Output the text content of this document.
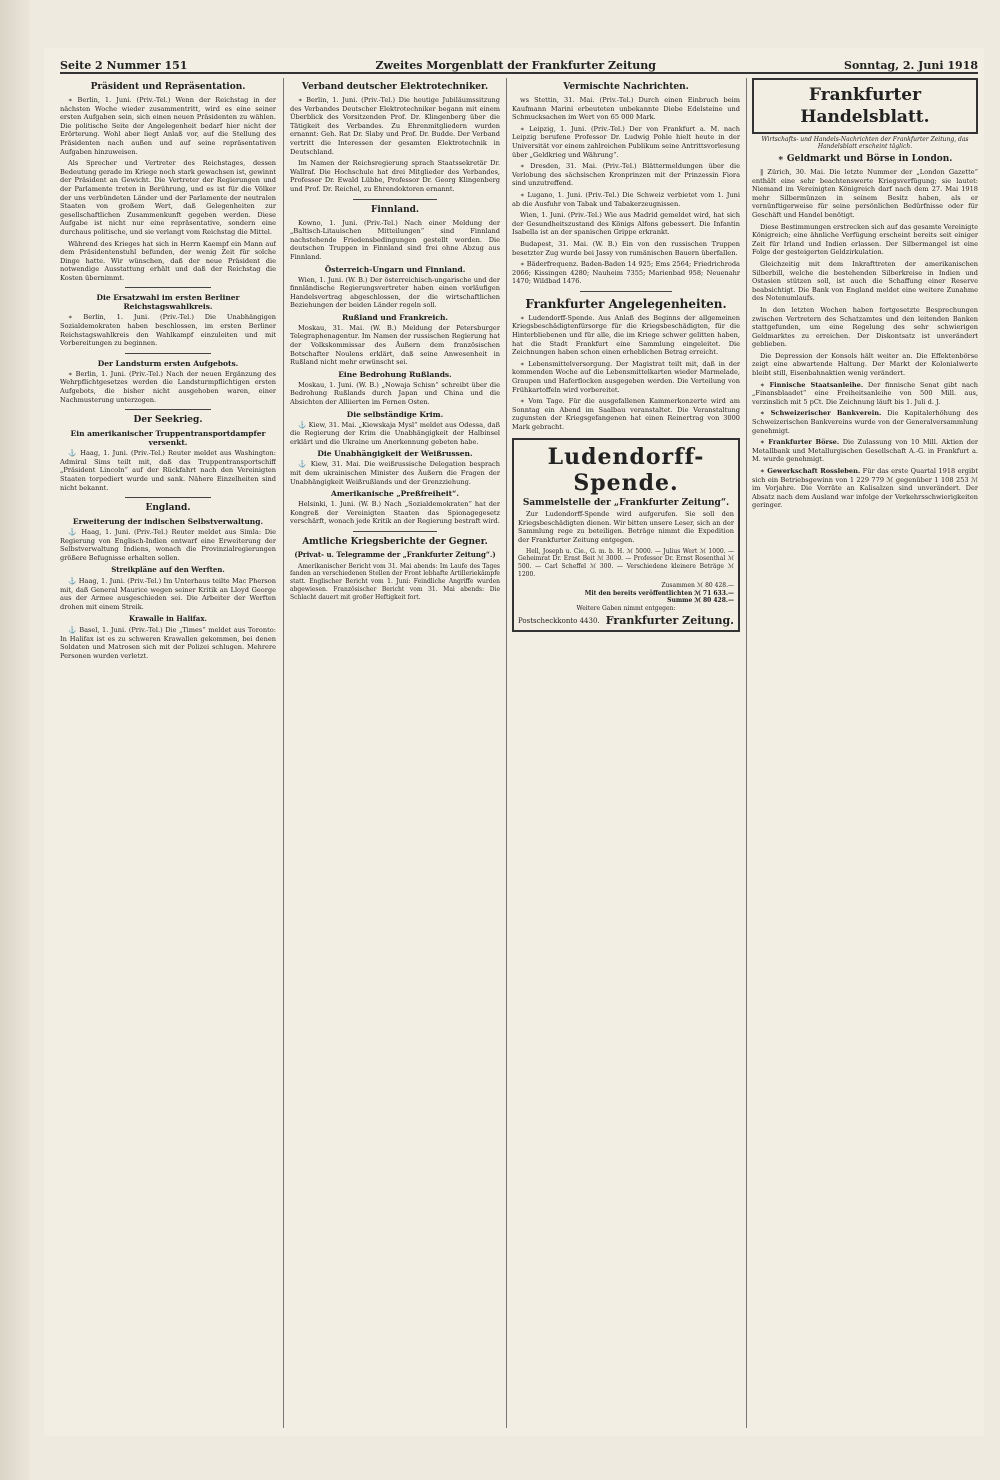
Seite 2 Nummer 151	Zweites Morgenblatt der Frankfurter Zeitung	Sonntag, 2. Juni 1918
Präsident und Repräsentation.

∗ Berlin, 1. Juni. (Priv.-Tel.) Wenn der Reichstag in der nächsten Woche wieder zusammentritt, wird es eine seiner ersten Aufgaben sein, sich einen neuen Präsidenten zu wählen. Die politische Seite der Angelegenheit bedarf hier nicht der Erörterung. Wohl aber liegt Anlaß vor, auf die Stellung des Präsidenten nach außen und auf seine repräsentativen Aufgaben hinzuweisen.

Als Sprecher und Vertreter des Reichstages, dessen Bedeutung gerade im Kriege noch stark gewachsen ist, gewinnt der Präsident an Gewicht. Die Vertreter der Regierungen und der Parlamente treten in Berührung, und es ist für die Völker der uns verbündeten Länder und der Parlamente der neutralen Staaten von großem Wert, daß Gelegenheiten zur gesellschaftlichen Zusammenkunft gegeben werden. Diese Aufgabe ist nicht nur eine repräsentative, sondern eine durchaus politische, und sie verlangt vom Reichstag die Mittel.

Während des Krieges hat sich in Herrn Kaempf ein Mann auf dem Präsidentenstuhl befunden, der wenig Zeit für solche Dinge hatte. Wir wünschen, daß der neue Präsident die notwendige Ausstattung erhält und daß der Reichstag die Kosten übernimmt.

Die Ersatzwahl im ersten Berliner Reichstagswahlkreis.

∗ Berlin, 1. Juni. (Priv.-Tel.) Die Unabhängigen Sozialdemokraten haben beschlossen, im ersten Berliner Reichstagswahlkreis den Wahlkampf einzuleiten und mit Vorbereitungen zu beginnen.

Der Landsturm ersten Aufgebots.

∗ Berlin, 1. Juni. (Priv.-Tel.) Nach der neuen Ergänzung des Wehrpflichtgesetzes werden die Landsturmpflichtigen ersten Aufgebots, die bisher nicht ausgehoben waren, einer Nachmusterung unterzogen.

Der Seekrieg.
Ein amerikanischer Truppentransportdampfer versenkt.

⚓ Haag, 1. Juni. (Priv.-Tel.) Reuter meldet aus Washington: Admiral Sims teilt mit, daß das Truppentransportschiff „Präsident Lincoln“ auf der Rückfahrt nach den Vereinigten Staaten torpediert wurde und sank. Nähere Einzelheiten sind nicht bekannt.

England.
Erweiterung der indischen Selbstverwaltung.

⚓ Haag, 1. Juni. (Priv.-Tel.) Reuter meldet aus Simla: Die Regierung von Englisch-Indien entwarf eine Erweiterung der Selbstverwaltung Indiens, wonach die Provinzialregierungen größere Befugnisse erhalten sollen.

Streikpläne auf den Werften.

⚓ Haag, 1. Juni. (Priv.-Tel.) Im Unterhaus teilte Mac Pherson mit, daß General Maurice wegen seiner Kritik an Lloyd George aus der Armee ausgeschieden sei. Die Arbeiter der Werften drohen mit einem Streik.

Krawalle in Halifax.

⚓ Basel, 1. Juni. (Priv.-Tel.) Die „Times“ meldet aus Toronto: In Halifax ist es zu schweren Krawallen gekommen, bei denen Soldaten und Matrosen sich mit der Polizei schlugen. Mehrere Personen wurden verletzt.

Verband deutscher Elektrotechniker.

∗ Berlin, 1. Juni. (Priv.-Tel.) Die heutige Jubiläumssitzung des Verbandes Deutscher Elektrotechniker begann mit einem Überblick des Vorsitzenden Prof. Dr. Klingenberg über die Tätigkeit des Verbandes. Zu Ehrenmitgliedern wurden ernannt: Geh. Rat Dr. Slaby und Prof. Dr. Budde. Der Verband vertritt die Interessen der gesamten Elektrotechnik in Deutschland.

Im Namen der Reichsregierung sprach Staatssekretär Dr. Wallraf. Die Hochschule hat drei Mitglieder des Verbandes, Professor Dr. Ewald Lübbe, Professor Dr. Georg Klingenberg und Prof. Dr. Reichel, zu Ehrendoktoren ernannt.

Finnland.

Kowno, 1. Juni. (Priv.-Tel.) Nach einer Meldung der „Baltisch-Litauischen Mitteilungen“ sind Finnland nachstehende Friedensbedingungen gestellt worden. Die deutschen Truppen in Finnland sind frei ohne Abzug aus Finnland.

Österreich-Ungarn und Finnland.

Wien, 1. Juni. (W. B.) Der österreichisch-ungarische und der finnländische Regierungsvertreter haben einen vorläufigen Handelsvertrag abgeschlossen, der die wirtschaftlichen Beziehungen der beiden Länder regeln soll.

Rußland und Frankreich.

Moskau, 31. Mai. (W. B.) Meldung der Petersburger Telegraphenagentur. Im Namen der russischen Regierung hat der Volkskommissar des Äußern dem französischen Botschafter Noulens erklärt, daß seine Anwesenheit in Rußland nicht mehr erwünscht sei.

Eine Bedrohung Rußlands.

Moskau, 1. Juni. (W. B.) „Nowaja Schisn“ schreibt über die Bedrohung Rußlands durch Japan und China und die Absichten der Alliierten im Fernen Osten.

Die selbständige Krim.

⚓ Kiew, 31. Mai. „Kiewskaja Mysl“ meldet aus Odessa, daß die Regierung der Krim die Unabhängigkeit der Halbinsel erklärt und die Ukraine um Anerkennung gebeten habe.

Die Unabhängigkeit der Weißrussen.

⚓ Kiew, 31. Mai. Die weißrussische Delegation besprach mit dem ukrainischen Minister des Äußern die Fragen der Unabhängigkeit Weißrußlands und der Grenzziehung.

Amerikanische „Preßfreiheit“.

Helsinki, 1. Juni. (W. B.) Nach „Sozialdemokraten“ hat der Kongreß der Vereinigten Staaten das Spionagegesetz verschärft, wonach jede Kritik an der Regierung bestraft wird.

Amtliche Kriegsberichte der Gegner.
(Privat- u. Telegramme der „Frankfurter Zeitung“.)

Amerikanischer Bericht vom 31. Mai abends: Im Laufe des Tages fanden an verschiedenen Stellen der Front lebhafte Artilleriekämpfe statt. Englischer Bericht vom 1. Juni: Feindliche Angriffe wurden abgewiesen. Französischer Bericht vom 31. Mai abends: Die Schlacht dauert mit großer Heftigkeit fort.

Vermischte Nachrichten.

ws Stettin, 31. Mai. (Priv.-Tel.) Durch einen Einbruch beim Kaufmann Marini erbeuteten unbekannte Diebe Edelsteine und Schmucksachen im Wert von 65 000 Mark.

∗ Leipzig, 1. Juni. (Priv.-Tel.) Der von Frankfurt a. M. nach Leipzig berufene Professor Dr. Ludwig Pohle hielt heute in der Universität vor einem zahlreichen Publikum seine Antrittsvorlesung über „Geldkrieg und Währung“.

∗ Dresden, 31. Mai. (Priv.-Tel.) Blättermeldungen über die Verlobung des sächsischen Kronprinzen mit der Prinzessin Fiora sind unzutreffend.

∗ Lugano, 1. Juni. (Priv.-Tel.) Die Schweiz verbietet vom 1. Juni ab die Ausfuhr von Tabak und Tabakerzeugnissen.

Wien, 1. Juni. (Priv.-Tel.) Wie aus Madrid gemeldet wird, hat sich der Gesundheitszustand des Königs Alfons gebessert. Die Infantin Isabella ist an der spanischen Grippe erkrankt.

Budapest, 31. Mai. (W. B.) Ein von den russischen Truppen besetzter Zug wurde bei Jassy von rumänischen Bauern überfallen.

∗ Bäderfrequenz. Baden-Baden 14 925; Ems 2564; Friedrichroda 2066; Kissingen 4280; Nauheim 7355; Marienbad 958; Neuenahr 1470; Wildbad 1476.

Frankfurter Angelegenheiten.

∗ Ludendorff-Spende. Aus Anlaß des Beginns der allgemeinen Kriegsbeschädigtenfürsorge für die Kriegsbeschädigten, für die Hinterbliebenen und für alle, die im Kriege schwer gelitten haben, hat die Stadt Frankfurt eine Sammlung eingeleitet. Die Zeichnungen haben schon einen erheblichen Betrag erreicht.

∗ Lebensmittelversorgung. Der Magistrat teilt mit, daß in der kommenden Woche auf die Lebensmittelkarten wieder Marmelade, Graupen und Haferflocken ausgegeben werden. Die Verteilung von Frühkartoffeln wird vorbereitet.

∗ Vom Tage. Für die ausgefallenen Kammerkonzerte wird am Sonntag ein Abend im Saalbau veranstaltet. Die Veranstaltung zugunsten der Kriegsgefangenen hat einen Reinertrag von 3000 Mark gebracht.

Ludendorff-Spende.
Sammelstelle der „Frankfurter Zeitung“.

Zur Ludendorff-Spende wird aufgerufen. Sie soll den Kriegsbeschädigten dienen. Wir bitten unsere Leser, sich an der Sammlung rege zu beteiligen. Beträge nimmt die Expedition der Frankfurter Zeitung entgegen.

Hell, Joseph u. Cie., G. m. b. H. ℳ 5000. — Julius Wert ℳ 1000. — Geheimrat Dr. Ernst Beit ℳ 3000. — Professor Dr. Ernst Rosenthal ℳ 500. — Carl Scheffel ℳ 300. — Verschiedene kleinere Beträge ℳ 1200.

Zusammen ℳ 80 428.—
Mit den bereits veröffentlichten ℳ 71 633.—
Summe ℳ 80 428.—
Weitere Gaben nimmt entgegen:
Postscheckkonto 4430. Frankfurter Zeitung.
Frankfurter Handelsblatt.
Wirtschafts- und Handels-Nachrichten der Frankfurter Zeitung, das Handelsblatt erscheint täglich.
∗ Geldmarkt und Börse in London.

‖ Zürich, 30. Mai. Die letzte Nummer der „London Gazette“ enthält eine sehr beachtenswerte Kriegsverfügung; sie lautet: Niemand im Vereinigten Königreich darf nach dem 27. Mai 1918 mehr Silbermünzen in seinem Besitz haben, als er vernünftigerweise für seine persönlichen Bedürfnisse oder für Geschäft und Handel benötigt.

Diese Bestimmungen erstrecken sich auf das gesamte Vereinigte Königreich; eine ähnliche Verfügung erscheint bereits seit einiger Zeit für Irland und Indien erlassen. Der Silbermangel ist eine Folge der gesteigerten Geldzirkulation.

Gleichzeitig mit dem Inkrafttreten der amerikanischen Silberbill, welche die bestehenden Silberkreise in Indien und Ostasien stützen soll, ist auch die Schaffung einer Reserve beabsichtigt. Die Bank von England meldet eine weitere Zunahme des Notenumlaufs.

In den letzten Wochen haben fortgesetzte Besprechungen zwischen Vertretern des Schatzamtes und den leitenden Banken stattgefunden, um eine Regelung des sehr schwierigen Geldmarktes zu erreichen. Der Diskontsatz ist unverändert geblieben.

Die Depression der Konsols hält weiter an. Die Effektenbörse zeigt eine abwartende Haltung. Der Markt der Kolonialwerte bleibt still, Eisenbahnaktien wenig verändert.

∗ Finnische Staatsanleihe. Der finnische Senat gibt nach „Finansblaadet“ eine Freiheitsanleihe von 500 Mill. aus, verzinslich mit 5 pCt. Die Zeichnung läuft bis 1. Juli d. J.

∗ Schweizerischer Bankverein. Die Kapitalerhöhung des Schweizerischen Bankvereins wurde von der Generalversammlung genehmigt.

∗ Frankfurter Börse. Die Zulassung von 10 Mill. Aktien der Metallbank und Metallurgischen Gesellschaft A.-G. in Frankfurt a. M. wurde genehmigt.

∗ Gewerkschaft Rossleben. Für das erste Quartal 1918 ergibt sich ein Betriebsgewinn von 1 229 779 ℳ gegenüber 1 108 253 ℳ im Vorjahre. Die Vorräte an Kalisalzen sind unverändert. Der Absatz nach dem Ausland war infolge der Verkehrsschwierigkeiten geringer.
